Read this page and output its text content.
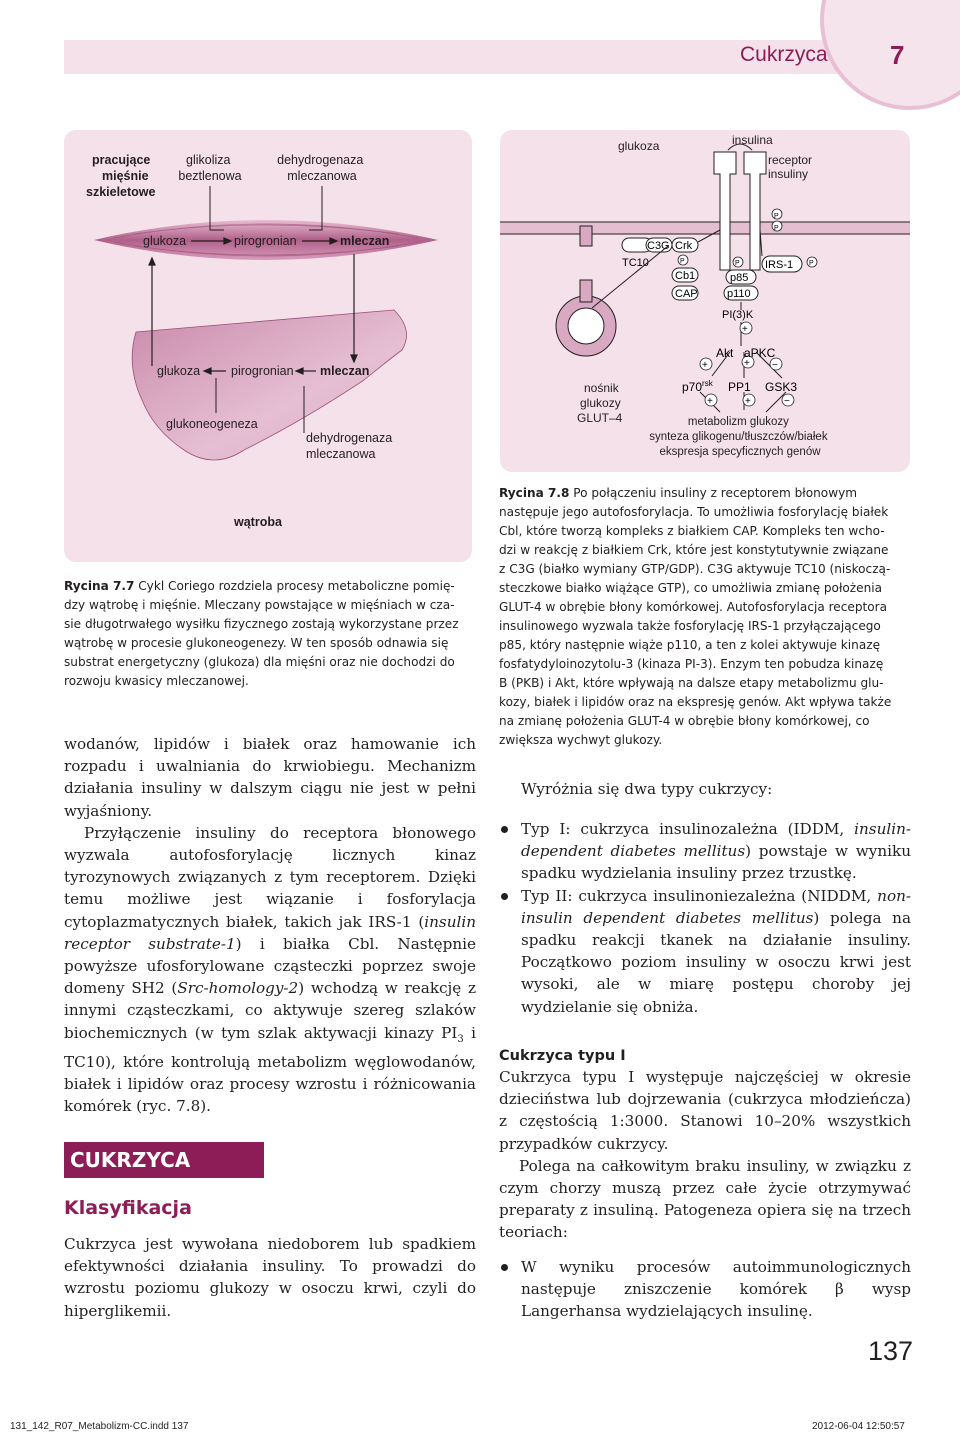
Cukrzyca 7
glukoza	pirogronian	mleczan
pracujące mięśnie szkieletowe
glikoliza beztlenowa
dehydrogenaza mleczanowa
glukoza pirogronian mleczan
glukoneogeneza
dehydrogenaza mleczanowa
wątroba
glukoza	insulina
receptor insuliny
P
P
nośnik glukozy GLUT–4
TC10
C3G Crk
P
Cb1
CAP
P
p85
p110
IRS-1 P
PI(3)K
+
+	+ −
+	+	−
Akt aPKC
$p70^{rsk}$ PP1 GSK3
metabolizm glukozy synteza glikogenu/tłuszczów/białek ekspresja specyficznych genów
Rycina 7.7 Cykl Coriego rozdziela procesy metaboliczne pomię-
dzy wątrobę i mięśnie. Mleczany powstające w mięśniach w cza-
sie długotrwałego wysiłku fizycznego zostają wykorzystane przez
wątrobę w procesie glukoneogenezy. W ten sposób odnawia się
substrat energetyczny (glukoza) dla mięśni oraz nie dochodzi do
rozwoju kwasicy mleczanowej.
Rycina 7.8 Po połączeniu insuliny z receptorem błonowym
następuje jego autofosforylacja. To umożliwia fosforylację białek
Cbl, które tworzą kompleks z białkiem CAP. Kompleks ten wcho-
dzi w reakcję z białkiem Crk, które jest konstytutywnie związane
z C3G (białko wymiany GTP/GDP). C3G aktywuje TC10 (niskoczą-
steczkowe białko wiążące GTP), co umożliwia zmianę położenia
GLUT-4 w obrębie błony komórkowej. Autofosforylacja receptora
insulinowego wyzwala także fosforylację IRS-1 przyłączającego
p85, który następnie wiąże p110, a ten z kolei aktywuje kinazę
fosfatydyloinozytolu-3 (kinaza PI-3). Enzym ten pobudza kinazę
B (PKB) i Akt, które wpływają na dalsze etapy metabolizmu glu-
kozy, białek i lipidów oraz na ekspresję genów. Akt wpływa także
na zmianę położenia GLUT-4 w obrębie błony komórkowej, co
zwiększa wychwyt glukozy.

wodanów, lipidów i białek oraz hamowanie ich rozpadu i uwalniania do krwiobiegu. Mechanizm działania insuliny w dalszym ciągu nie jest w pełni wyjaśniony.

Przyłączenie insuliny do receptora błonowego wyzwala autofosforylację licznych kinaz tyrozynowych związanych z tym receptorem. Dzięki temu możliwe jest wiązanie i fosforylacja cytoplazmatycznych białek, takich jak IRS-1 (insulin receptor substrate-1) i białka Cbl. Następnie powyższe ufosforylowane cząsteczki poprzez swoje domeny SH2 (Src-homology-2) wchodzą w reakcję z innymi cząsteczkami, co aktywuje szereg szlaków biochemicznych (w tym szlak aktywacji kinazy $PI_3$ i TC10), które kontrolują metabolizm węglowodanów, białek i lipidów oraz procesy wzrostu i różnicowania komórek (ryc. 7.8).

CUKRZYCA
Klasyfikacja
Cukrzyca jest wywołana niedoborem lub spadkiem efektywności działania insuliny. To prowadzi do wzrostu poziomu glukozy w osoczu krwi, czyli do hiperglikemii.
Wyróżnia się dwa typy cukrzycy:
Typ I: cukrzyca insulinozależna (IDDM, insulin-dependent diabetes mellitus) powstaje w wyniku spadku wydzielania insuliny przez trzustkę.
Typ II: cukrzyca insulinoniezależna (NIDDM, non-insulin dependent diabetes mellitus) polega na spadku reakcji tkanek na działanie insuliny. Początkowo poziom insuliny w osoczu krwi jest wysoki, ale w miarę postępu choroby jej wydzielanie się obniża.
Cukrzyca typu I

Cukrzyca typu I występuje najczęściej w okresie dzieciństwa lub dojrzewania (cukrzyca młodzieńcza) z częstością 1:3000. Stanowi 10–20% wszystkich przypadków cukrzycy.

Polega na całkowitym braku insuliny, w związku z czym chorzy muszą przez całe życie otrzymywać preparaty z insuliną. Patogeneza opiera się na trzech teoriach:

W wyniku procesów autoimmunologicznych następuje zniszczenie komórek β wysp Langerhansa wydzielających insulinę.
137
131_142_R07_Metabolizm-CC.indd 137	2012-06-04 12:50:57
